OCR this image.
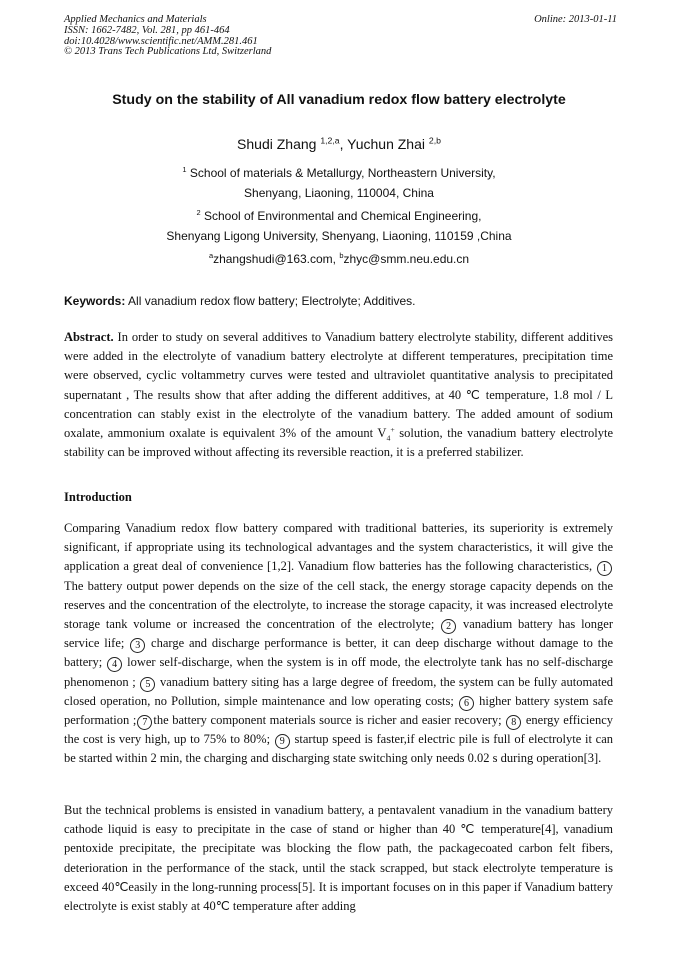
Applied Mechanics and Materials
ISSN: 1662-7482, Vol. 281, pp 461-464
doi:10.4028/www.scientific.net/AMM.281.461
© 2013 Trans Tech Publications Ltd, Switzerland
Online: 2013-01-11
Study on the stability of All vanadium redox flow battery electrolyte
Shudi Zhang $^{1,2,a}$, Yuchun Zhai $^{2,b}$
$^1$ School of materials & Metallurgy, Northeastern University,
Shenyang, Liaoning, 110004, China
$^2$ School of Environmental and Chemical Engineering,
Shenyang Ligong University, Shenyang, Liaoning, 110159 ,China
$^a$zhangshudi@163.com, $^b$zhyc@smm.neu.edu.cn
Keywords: All vanadium redox flow battery; Electrolyte; Additives.
Abstract. In order to study on several additives to Vanadium battery electrolyte stability, different additives were added in the electrolyte of vanadium battery electrolyte at different temperatures, precipitation time were observed, cyclic voltammetry curves were tested and ultraviolet quantitative analysis to precipitated supernatant , The results show that after adding the different additives, at 40 ℃ temperature, 1.8 mol / L concentration can stably exist in the electrolyte of the vanadium battery. The added amount of sodium oxalate, ammonium oxalate is equivalent 3% of the amount $V_4^+$ solution, the vanadium battery electrolyte stability can be improved without affecting its reversible reaction, it is a preferred stabilizer.
Introduction
Comparing Vanadium redox flow battery compared with traditional batteries, its superiority is extremely significant, if appropriate using its technological advantages and the system characteristics, it will give the application a great deal of convenience [1,2]. Vanadium flow batteries has the following characteristics, 1 The battery output power depends on the size of the cell stack, the energy storage capacity depends on the reserves and the concentration of the electrolyte, to increase the storage capacity, it was increased electrolyte storage tank volume or increased the concentration of the electrolyte; 2 vanadium battery has longer service life; 3 charge and discharge performance is better, it can deep discharge without damage to the battery; 4 lower self-discharge, when the system is in off mode, the electrolyte tank has no self-discharge phenomenon ; 5 vanadium battery siting has a large degree of freedom, the system can be fully automated closed operation, no Pollution, simple maintenance and low operating costs; 6 higher battery system safe performation ; 7 the battery component materials source is richer and easier recovery; 8 energy efficiency the cost is very high, up to 75% to 80%; 9 startup speed is faster,if electric pile is full of electrolyte it can be started within 2 min, the charging and discharging state switching only needs 0.02 s during operation[3].
But the technical problems is ensisted in vanadium battery, a pentavalent vanadium in the vanadium battery cathode liquid is easy to precipitate in the case of stand or higher than 40 ℃ temperature[4], vanadium pentoxide precipitate, the precipitate was blocking the flow path, the packagecoated carbon felt fibers, deterioration in the performance of the stack, until the stack scrapped, but stack electrolyte temperature is exceed 40℃easily in the long-running process[5]. It is important focuses on in this paper if Vanadium battery electrolyte is exist stably at 40℃ temperature after adding
